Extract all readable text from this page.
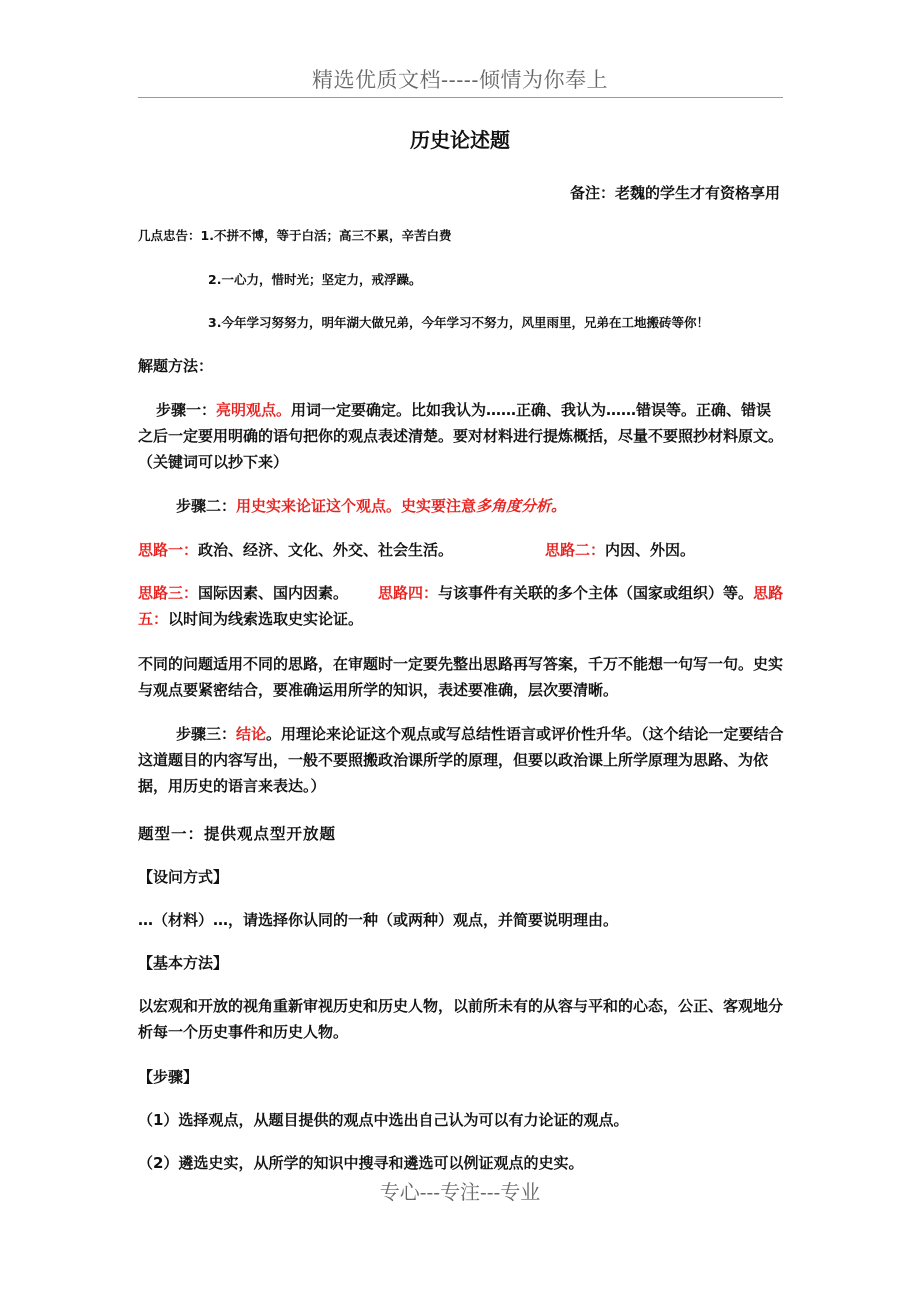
精选优质文档-----倾情为你奉上
历史论述题
备注：老魏的学生才有资格享用
几点忠告：1.不拼不博，等于白活；高三不累，辛苦白费
2.一心力，惜时光；坚定力，戒浮躁。
3.今年学习努努力，明年湖大做兄弟，今年学习不努力，风里雨里，兄弟在工地搬砖等你！
解题方法：
步骤一：亮明观点。用词一定要确定。比如我认为……正确、我认为……错误等。正确、错误之后一定要用明确的语句把你的观点表述清楚。要对材料进行提炼概括，尽量不要照抄材料原文。（关键词可以抄下来）
步骤二：用史实来论证这个观点。史实要注意多角度分析。
思路一：政治、经济、文化、外交、社会生活。	思路二：内因、外因。
思路三：国际因素、国内因素。 思路四：与该事件有关联的多个主体（国家或组织）等。思路五：以时间为线索选取史实论证。
不同的问题适用不同的思路，在审题时一定要先整出思路再写答案，千万不能想一句写一句。史实与观点要紧密结合，要准确运用所学的知识，表述要准确，层次要清晰。
步骤三：结论。用理论来论证这个观点或写总结性语言或评价性升华。（这个结论一定要结合这道题目的内容写出，一般不要照搬政治课所学的原理，但要以政治课上所学原理为思路、为依据，用历史的语言来表达。）
题型一：提供观点型开放题
【设问方式】
…（材料）…，请选择你认同的一种（或两种）观点，并简要说明理由。
【基本方法】
以宏观和开放的视角重新审视历史和历史人物，以前所未有的从容与平和的心态，公正、客观地分析每一个历史事件和历史人物。
【步骤】
（1）选择观点，从题目提供的观点中选出自己认为可以有力论证的观点。
（2）遴选史实，从所学的知识中搜寻和遴选可以例证观点的史实。
专心---专注---专业
